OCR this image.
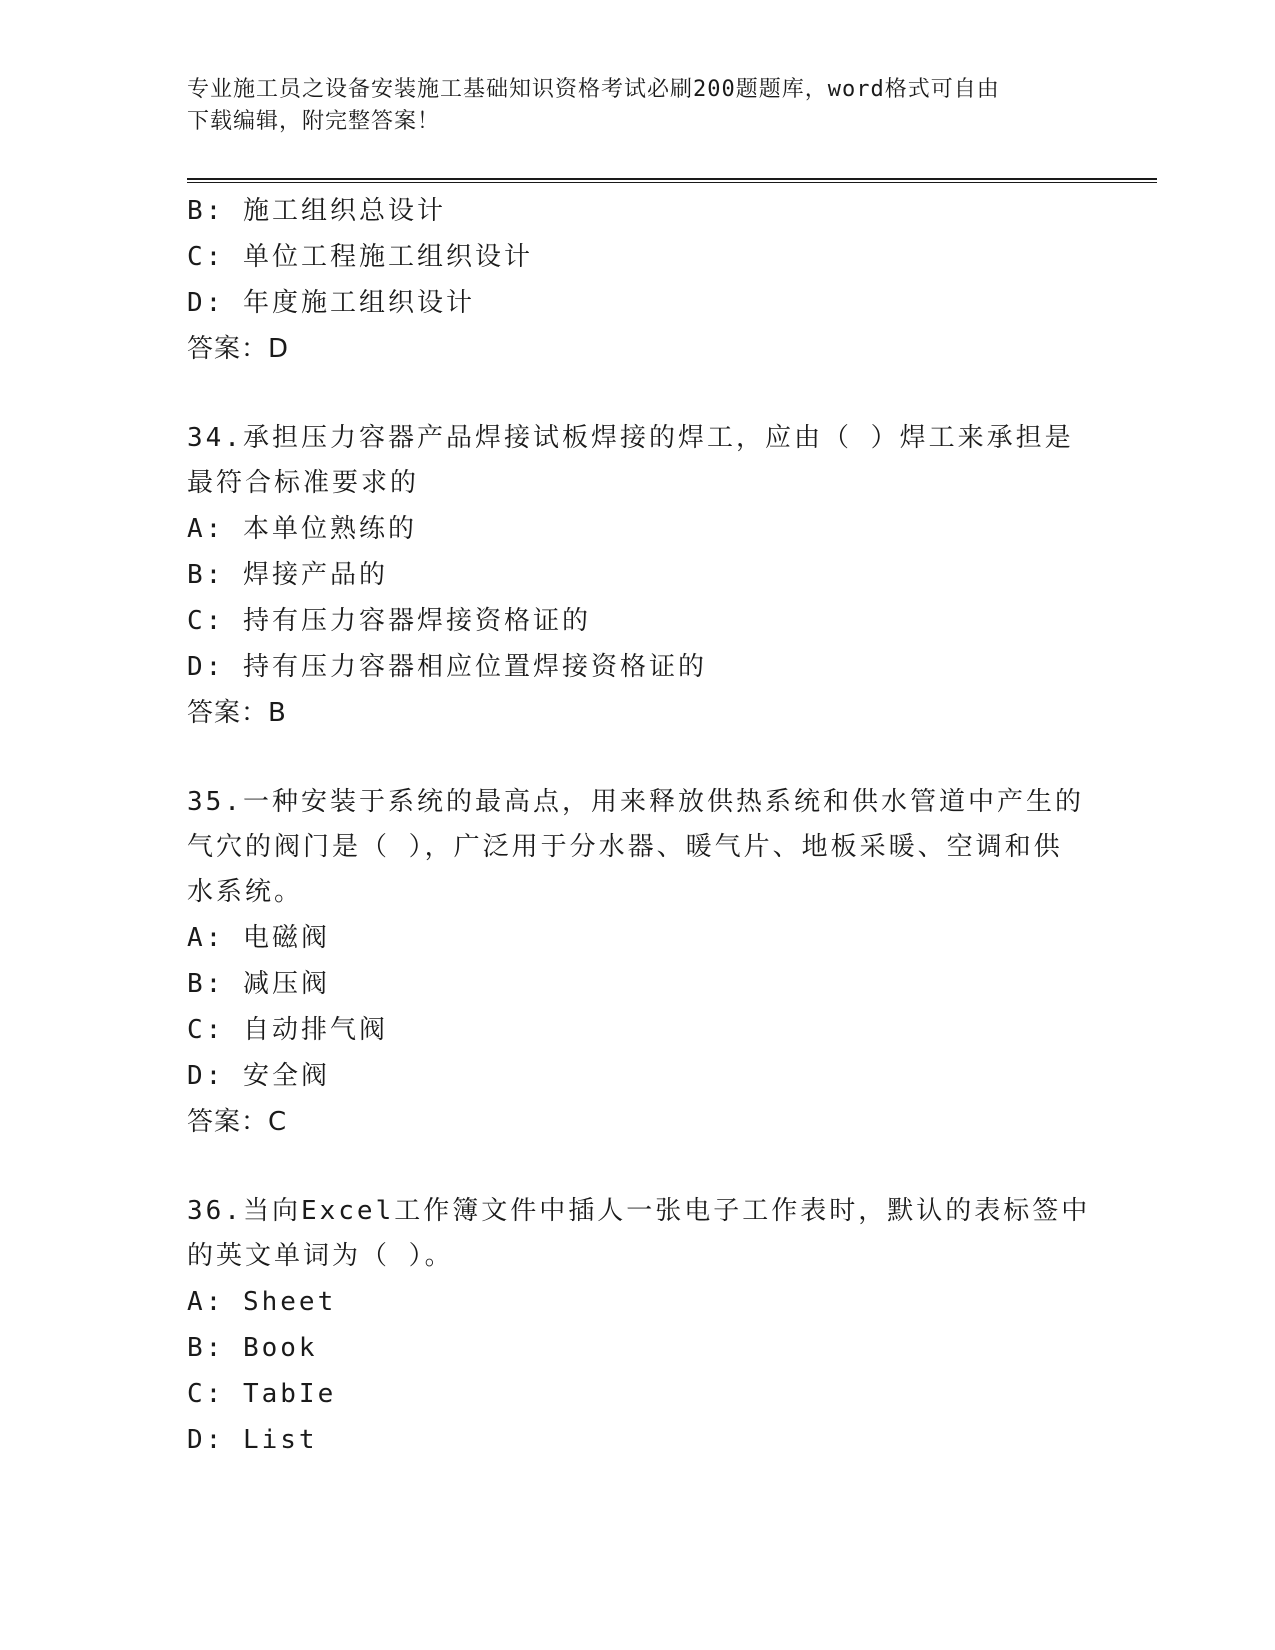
专业施工员之设备安装施工基础知识资格考试必刷200题题库，word格式可自由
下载编辑，附完整答案！
B: 施工组织总设计
C: 单位工程施工组织设计
D: 年度施工组织设计
答案：D
34.承担压力容器产品焊接试板焊接的焊工，应由（ ）焊工来承担是
最符合标准要求的
A: 本单位熟练的
B: 焊接产品的
C: 持有压力容器焊接资格证的
D: 持有压力容器相应位置焊接资格证的
答案：B
35.一种安装于系统的最高点，用来释放供热系统和供水管道中产生的
气穴的阀门是（ ），广泛用于分水器、暖气片、地板采暖、空调和供
水系统。
A: 电磁阀
B: 减压阀
C: 自动排气阀
D: 安全阀
答案：C
36.当向Excel工作簿文件中插人一张电子工作表时，默认的表标签中
的英文单词为（ ）。
A: Sheet
B: Book
C: TabIe
D: List
